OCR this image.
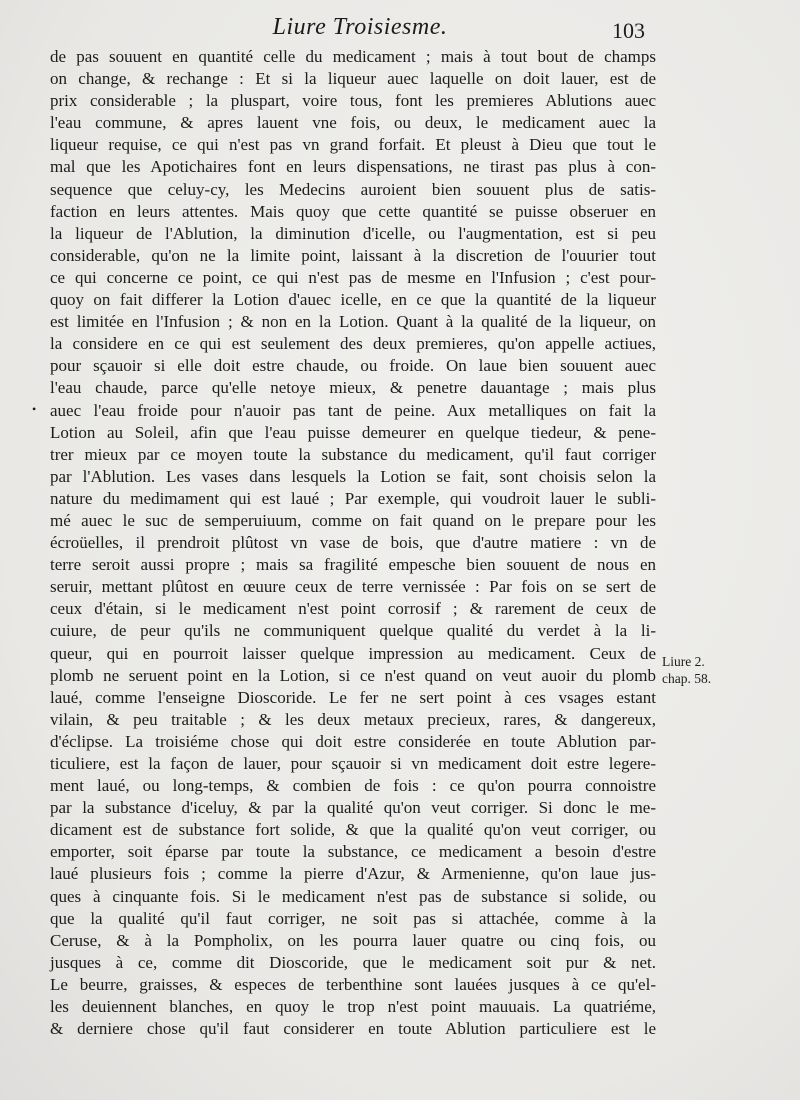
Liure Troisiesme.	103
•
de pas souuent en quantité celle du medicament ; mais à tout bout de champs
on change, & rechange : Et si la liqueur auec laquelle on doit lauer, est de
prix considerable ; la pluspart, voire tous, font les premieres Ablutions auec
l'eau commune, & apres lauent vne fois, ou deux, le medicament auec la
liqueur requise, ce qui n'est pas vn grand forfait. Et pleust à Dieu que tout le
mal que les Apotichaires font en leurs dispensations, ne tirast pas plus à con-
sequence que celuy-cy, les Medecins auroient bien souuent plus de satis-
faction en leurs attentes. Mais quoy que cette quantité se puisse obseruer en
la liqueur de l'Ablution, la diminution d'icelle, ou l'augmentation, est si peu
considerable, qu'on ne la limite point, laissant à la discretion de l'ouurier tout
ce qui concerne ce point, ce qui n'est pas de mesme en l'Infusion ; c'est pour-
quoy on fait differer la Lotion d'auec icelle, en ce que la quantité de la liqueur
est limitée en l'Infusion ; & non en la Lotion. Quant à la qualité de la liqueur, on
la considere en ce qui est seulement des deux premieres, qu'on appelle actiues,
pour sçauoir si elle doit estre chaude, ou froide. On laue bien souuent auec
l'eau chaude, parce qu'elle netoye mieux, & penetre dauantage ; mais plus
auec l'eau froide pour n'auoir pas tant de peine. Aux metalliques on fait la
Lotion au Soleil, afin que l'eau puisse demeurer en quelque tiedeur, & pene-
trer mieux par ce moyen toute la substance du medicament, qu'il faut corriger
par l'Ablution. Les vases dans lesquels la Lotion se fait, sont choisis selon la
nature du medimament qui est laué ; Par exemple, qui voudroit lauer le subli-
mé auec le suc de semperuiuum, comme on fait quand on le prepare pour les
écroüelles, il prendroit plûtost vn vase de bois, que d'autre matiere : vn de
terre seroit aussi propre ; mais sa fragilité empesche bien souuent de nous en
seruir, mettant plûtost en œuure ceux de terre vernissée : Par fois on se sert de
ceux d'étain, si le medicament n'est point corrosif ; & rarement de ceux de
cuiure, de peur qu'ils ne communiquent quelque qualité du verdet à la li-
queur, qui en pourroit laisser quelque impression au medicament. Ceux de
plomb ne seruent point en la Lotion, si ce n'est quand on veut auoir du plomb
laué, comme l'enseigne Dioscoride. Le fer ne sert point à ces vsages estant
vilain, & peu traitable ; & les deux metaux precieux, rares, & dangereux,
d'éclipse. La troisiéme chose qui doit estre considerée en toute Ablution par-
ticuliere, est la façon de lauer, pour sçauoir si vn medicament doit estre legere-
ment laué, ou long-temps, & combien de fois : ce qu'on pourra connoistre
par la substance d'iceluy, & par la qualité qu'on veut corriger. Si donc le me-
dicament est de substance fort solide, & que la qualité qu'on veut corriger, ou
emporter, soit éparse par toute la substance, ce medicament a besoin d'estre
laué plusieurs fois ; comme la pierre d'Azur, & Armenienne, qu'on laue jus-
ques à cinquante fois. Si le medicament n'est pas de substance si solide, ou
que la qualité qu'il faut corriger, ne soit pas si attachée, comme à la
Ceruse, & à la Pompholix, on les pourra lauer quatre ou cinq fois, ou
jusques à ce, comme dit Dioscoride, que le medicament soit pur & net.
Le beurre, graisses, & especes de terbenthine sont lauées jusques à ce qu'el-
les deuiennent blanches, en quoy le trop n'est point mauuais. La quatriéme,
& derniere chose qu'il faut considerer en toute Ablution particuliere est le
Liure 2.
chap. 58.
